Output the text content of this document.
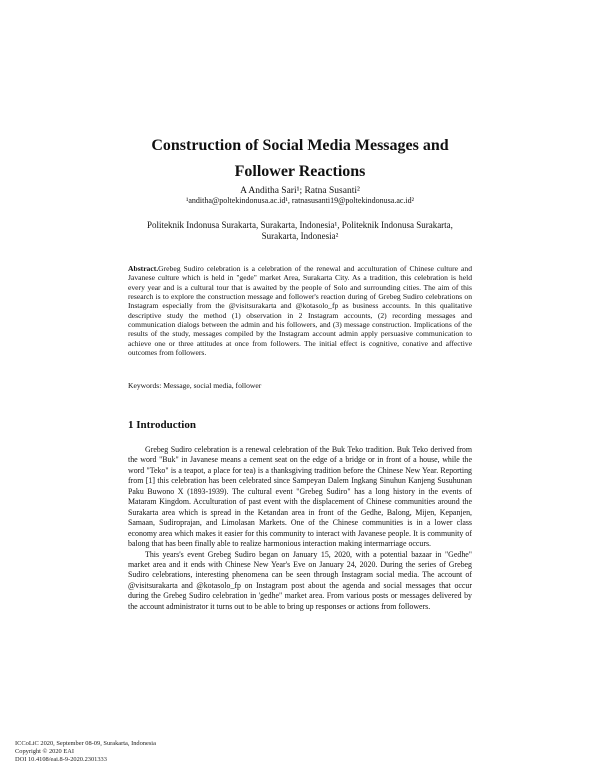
Construction of Social Media Messages and
Follower Reactions
A Anditha Sari¹; Ratna Susanti²
¹anditha@poltekindonusa.ac.id¹, ratnasusanti19@poltekindonusa.ac.id²
Politeknik Indonusa Surakarta, Surakarta, Indonesia¹, Politeknik Indonusa Surakarta, Surakarta, Indonesia²

Abstract.Grebeg Sudiro celebration is a celebration of the renewal and acculturation of Chinese culture and Javanese culture which is held in "gede" market Area, Surakarta City. As a tradition, this celebration is held every year and is a cultural tour that is awaited by the people of Solo and surrounding cities. The aim of this research is to explore the construction message and follower's reaction during of Grebeg Sudiro celebrations on Instagram especially from the @visitsurakarta and @kotasolo_fp as business accounts. In this qualitative descriptive study the method (1) observation in 2 Instagram accounts, (2) recording messages and communication dialogs between the admin and his followers, and (3) message construction. Implications of the results of the study, messages compiled by the Instagram account admin apply persuasive communication to achieve one or three attitudes at once from followers. The initial effect is cognitive, conative and affective outcomes from followers.

Keywords: Message, social media, follower
1 Introduction

Grebeg Sudiro celebration is a renewal celebration of the Buk Teko tradition. Buk Teko derived from the word "Buk" in Javanese means a cement seat on the edge of a bridge or in front of a house, while the word "Teko" is a teapot, a place for tea) is a thanksgiving tradition before the Chinese New Year. Reporting from [1] this celebration has been celebrated since Sampeyan Dalem Ingkang Sinuhun Kanjeng Susuhunan Paku Buwono X (1893-1939). The cultural event "Grebeg Sudiro" has a long history in the events of Mataram Kingdom. Acculturation of past event with the displacement of Chinese communities around the Surakarta area which is spread in the Ketandan area in front of the Gedhe, Balong, Mijen, Kepanjen, Samaan, Sudiroprajan, and Limolasan Markets. One of the Chinese communities is in a lower class economy area which makes it easier for this community to interact with Javanese people. It is community of balong that has been finally able to realize harmonious interaction making intermarriage occurs.

This years's event Grebeg Sudiro began on January 15, 2020, with a potential bazaar in "Gedhe" market area and it ends with Chinese New Year's Eve on January 24, 2020. During the series of Grebeg Sudiro celebrations, interesting phenomena can be seen through Instagram social media. The account of @visitsurakarta and @kotasolo_fp on Instagram post about the agenda and social messages that occur during the Grebeg Sudiro celebration in 'gedhe" market area. From various posts or messages delivered by the account administrator it turns out to be able to bring up responses or actions from followers.

ICCoLiC 2020, September 08-09, Surakarta, Indonesia
Copyright © 2020 EAI
DOI 10.4108/eai.8-9-2020.2301333
